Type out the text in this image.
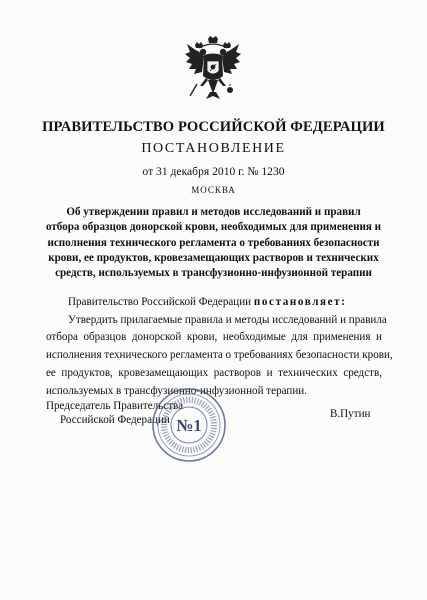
ПРАВИТЕЛЬСТВО РОССИЙСКОЙ ФЕДЕРАЦИИ
ПОСТАНОВЛЕНИЕ
от 31 декабря 2010 г. № 1230
МОСКВА
Об утверждении правил и методов исследований и правил
отбора образцов донорской крови, необходимых для применения и
исполнения технического регламента о требованиях безопасности
крови, ее продуктов, кровезамещающих растворов и технических
средств, используемых в трансфузионно-инфузионной терапии
Правительство Российской Федерации постановляет:
Утвердить прилагаемые правила и методы исследований и правила
отбора образцов донорской крови, необходимые для применения и
исполнения технического регламента о требованиях безопасности крови,
ее продуктов, кровезамещающих растворов и технических средств,
используемых в трансфузионно-инфузионной терапии.
Председатель Правительства
Российской Федерации	В.Путин
№1
